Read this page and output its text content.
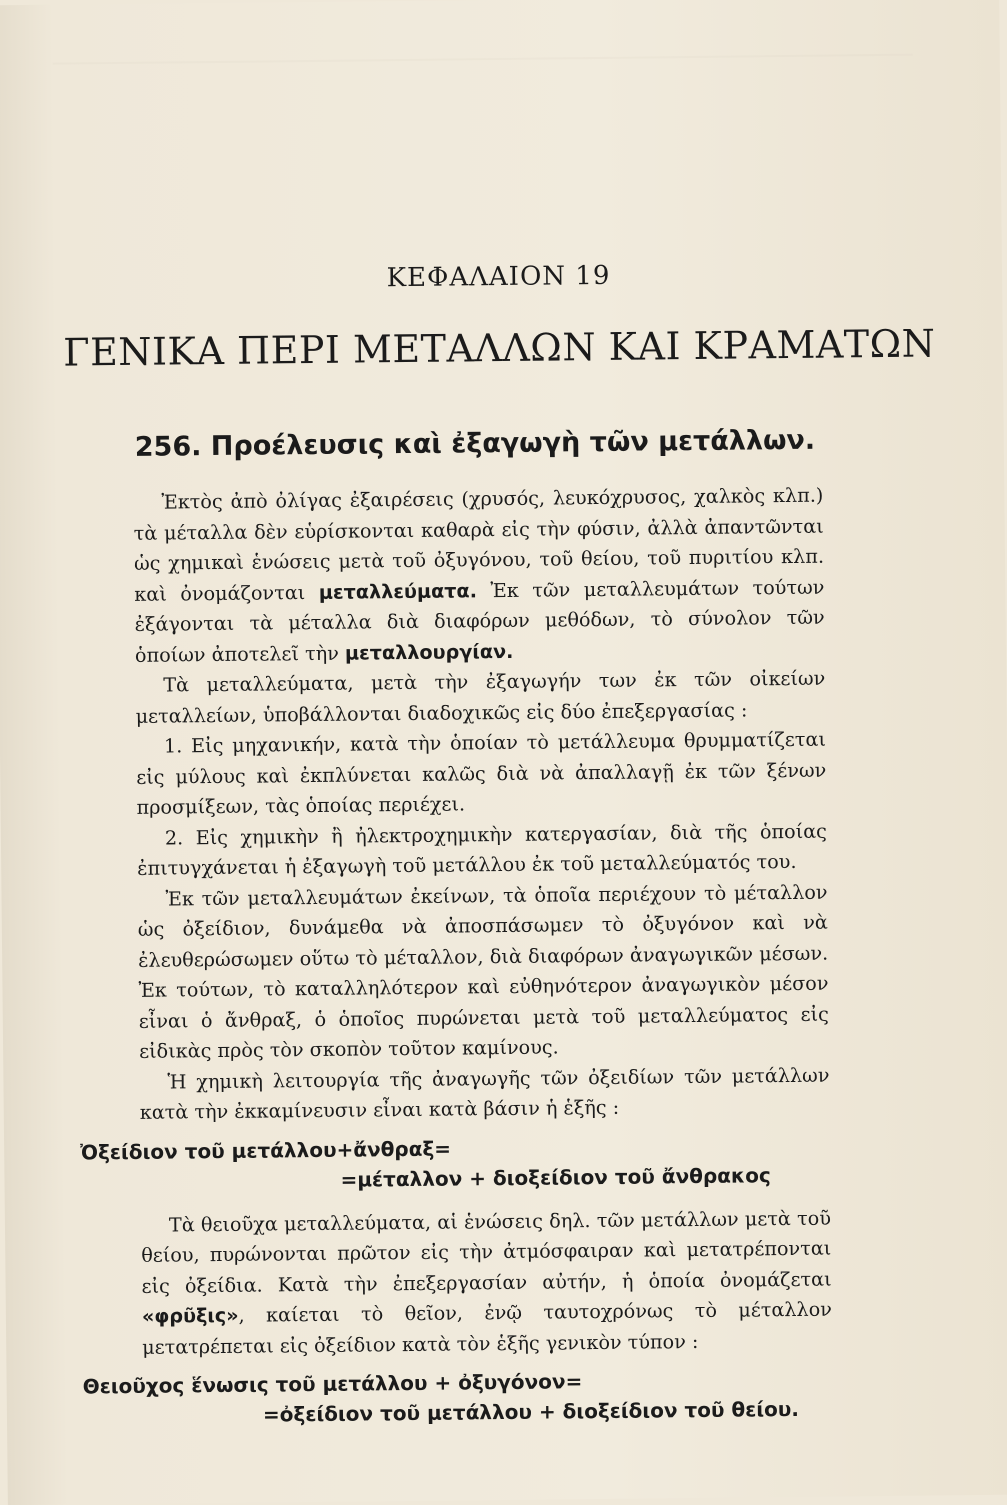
ΚΕΦΑΛΑΙΟΝ 19
ΓΕΝΙΚΑ ΠΕΡΙ ΜΕΤΑΛΛΩΝ ΚΑΙ ΚΡΑΜΑΤΩΝ
256. Προέλευσις καὶ ἐξαγωγὴ τῶν μετάλλων.

Ἐκτὸς ἀπὸ ὀλίγας ἐξαιρέσεις (χρυσός, λευκόχρυσος, χαλκὸς κλπ.) τὰ μέταλλα δὲν εὑρίσκονται καθαρὰ εἰς τὴν φύσιν, ἀλλὰ ἀπαντῶνται ὡς χημικαὶ ἑνώσεις μετὰ τοῦ ὀξυγόνου, τοῦ θείου, τοῦ πυριτίου κλπ. καὶ ὀνομάζονται μεταλλεύματα. Ἐκ τῶν μεταλλευμάτων τούτων ἐξάγονται τὰ μέταλλα διὰ διαφόρων μεθόδων, τὸ σύνολον τῶν ὁποίων ἀποτελεῖ τὴν μεταλλουργίαν.

Τὰ μεταλλεύματα, μετὰ τὴν ἐξαγωγήν των ἐκ τῶν οἰκείων μεταλλείων, ὑποβάλλονται διαδοχικῶς εἰς δύο ἐπεξεργασίας :

1. Εἰς μηχανικήν, κατὰ τὴν ὁποίαν τὸ μετάλλευμα θρυμματίζεται εἰς μύλους καὶ ἐκπλύνεται καλῶς διὰ νὰ ἀπαλλαγῇ ἐκ τῶν ξένων προσμίξεων, τὰς ὁποίας περιέχει.

2. Εἰς χημικὴν ἢ ἠλεκτροχημικὴν κατεργασίαν, διὰ τῆς ὁποίας ἐπιτυγχάνεται ἡ ἐξαγωγὴ τοῦ μετάλλου ἐκ τοῦ μεταλλεύματός του.

Ἐκ τῶν μεταλλευμάτων ἐκείνων, τὰ ὁποῖα περιέχουν τὸ μέταλλον ὡς ὀξείδιον, δυνάμεθα νὰ ἀποσπάσωμεν τὸ ὀξυγόνον καὶ νὰ ἐλευθερώσωμεν οὕτω τὸ μέταλλον, διὰ διαφόρων ἀναγωγικῶν μέσων. Ἐκ τούτων, τὸ καταλληλότερον καὶ εὐθηνότερον ἀναγωγικὸν μέσον εἶναι ὁ ἄνθραξ, ὁ ὁποῖος πυρώνεται μετὰ τοῦ μεταλλεύματος εἰς εἰδικὰς πρὸς τὸν σκοπὸν τοῦτον καμίνους.

Ἡ χημικὴ λειτουργία τῆς ἀναγωγῆς τῶν ὀξειδίων τῶν μετάλλων κατὰ τὴν ἐκκαμίνευσιν εἶναι κατὰ βάσιν ἡ ἑξῆς :

Ὀξείδιον τοῦ μετάλλου+ἄνθραξ=
=μέταλλον + διοξείδιον τοῦ ἄνθρακος

Τὰ θειοῦχα μεταλλεύματα, αἱ ἑνώσεις δηλ. τῶν μετάλλων μετὰ τοῦ θείου, πυρώνονται πρῶτον εἰς τὴν ἀτμόσφαιραν καὶ μετατρέπονται εἰς ὀξείδια. Κατὰ τὴν ἐπεξεργασίαν αὐτήν, ἡ ὁποία ὀνομάζεται «φρῦξις», καίεται τὸ θεῖον, ἐνῷ ταυτοχρόνως τὸ μέταλλον μετατρέπεται εἰς ὀξείδιον κατὰ τὸν ἑξῆς γενικὸν τύπον :

Θειοῦχος ἕνωσις τοῦ μετάλλου + ὀξυγόνον=
=ὀξείδιον τοῦ μετάλλου + διοξείδιον τοῦ θείου.
